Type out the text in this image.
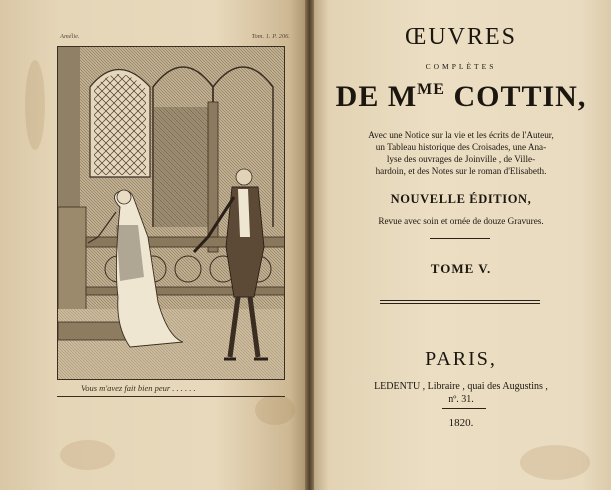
Amélie.	Tom. 1. P. 206.
Vous m'avez fait bien peur . . . . . .
ŒUVRES
COMPLÈTES
DE $M^{ME}$ COTTIN,
Avec une Notice sur la vie et les écrits de l'Auteur,
un Tableau historique des Croisades, une Ana-
lyse des ouvrages de Joinville , de Ville-
hardoin, et des Notes sur le roman d'Elisabeth.
NOUVELLE ÉDITION,
Revue avec soin et ornée de douze Gravures.
TOME V.
PARIS,
LEDENTU , Libraire , quai des Augustins ,
nº. 31.
1820.
